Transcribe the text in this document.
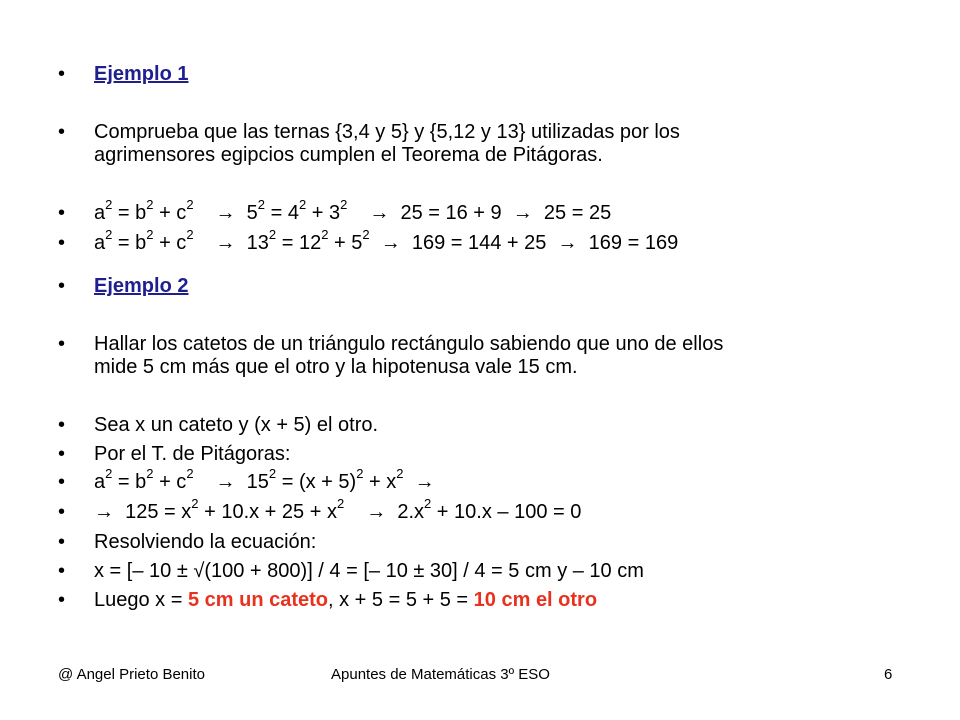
•	Ejemplo 1
•	Comprueba que las ternas {3,4 y 5} y {5,12 y 13} utilizadas por los
agrimensores egipcios cumplen el Teorema de Pitágoras.
•	$a^2 = b^2 + c^2 \to 5^2 = 4^2 + 3^2 \to 25 = 16 + 9 \to 25 = 25$
•	$a^2 = b^2 + c^2 \to 13^2 = 12^2 + 5^2 \to 169 = 144 + 25 \to 169 = 169$
•	Ejemplo 2
•	Hallar los catetos de un triángulo rectángulo sabiendo que uno de ellos
mide 5 cm más que el otro y la hipotenusa vale 15 cm.
•	Sea x un cateto y (x + 5) el otro.
•	Por el T. de Pitágoras:
•	$a^2 = b^2 + c^2 \to 15^2 = (x + 5)^2 + x^2$ →
•	→ $125 = x^2 + 10.x + 25 + x^2 \to 2.x^2 + 10.x - 100 = 0$
•	Resolviendo la ecuación:
•	x = [– 10 ± √(100 + 800)] / 4 = [– 10 ± 30] / 4 = 5 cm y – 10 cm
•	Luego x = 5 cm un cateto, x + 5 = 5 + 5 = 10 cm el otro
@ Angel Prieto Benito	Apuntes de Matemáticas 3º ESO	6
